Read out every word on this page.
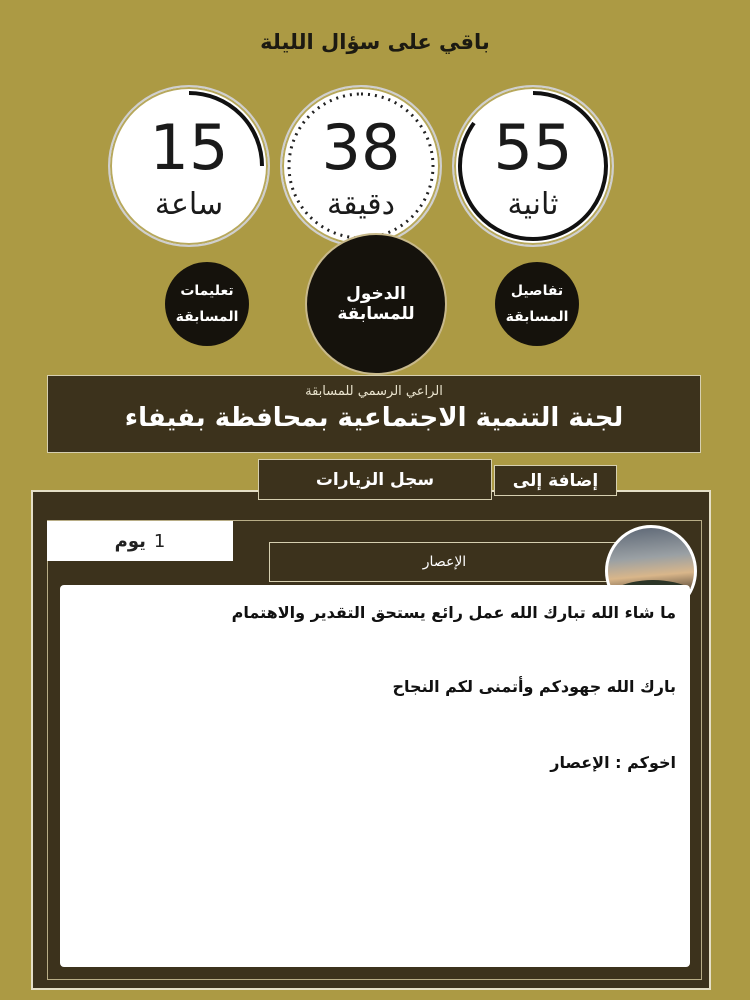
باقي على سؤال الليلة
15
ساعة
38
دقيقة
55
ثانية
تعليمات
المسابقة
الدخول للمسابقة
تفاصيل
المسابقة
الراعي الرسمي للمسابقة
لجنة التنمية الاجتماعية بمحافظة بفيفاء
سجل الزيارات	إضافة إلى
يوم 1
الإعصار

ما شاء الله تبارك الله عمل رائع يستحق التقدير والاهتمام

بارك الله جهودكم وأتمنى لكم النجاح

اخوكم : الإعصار
